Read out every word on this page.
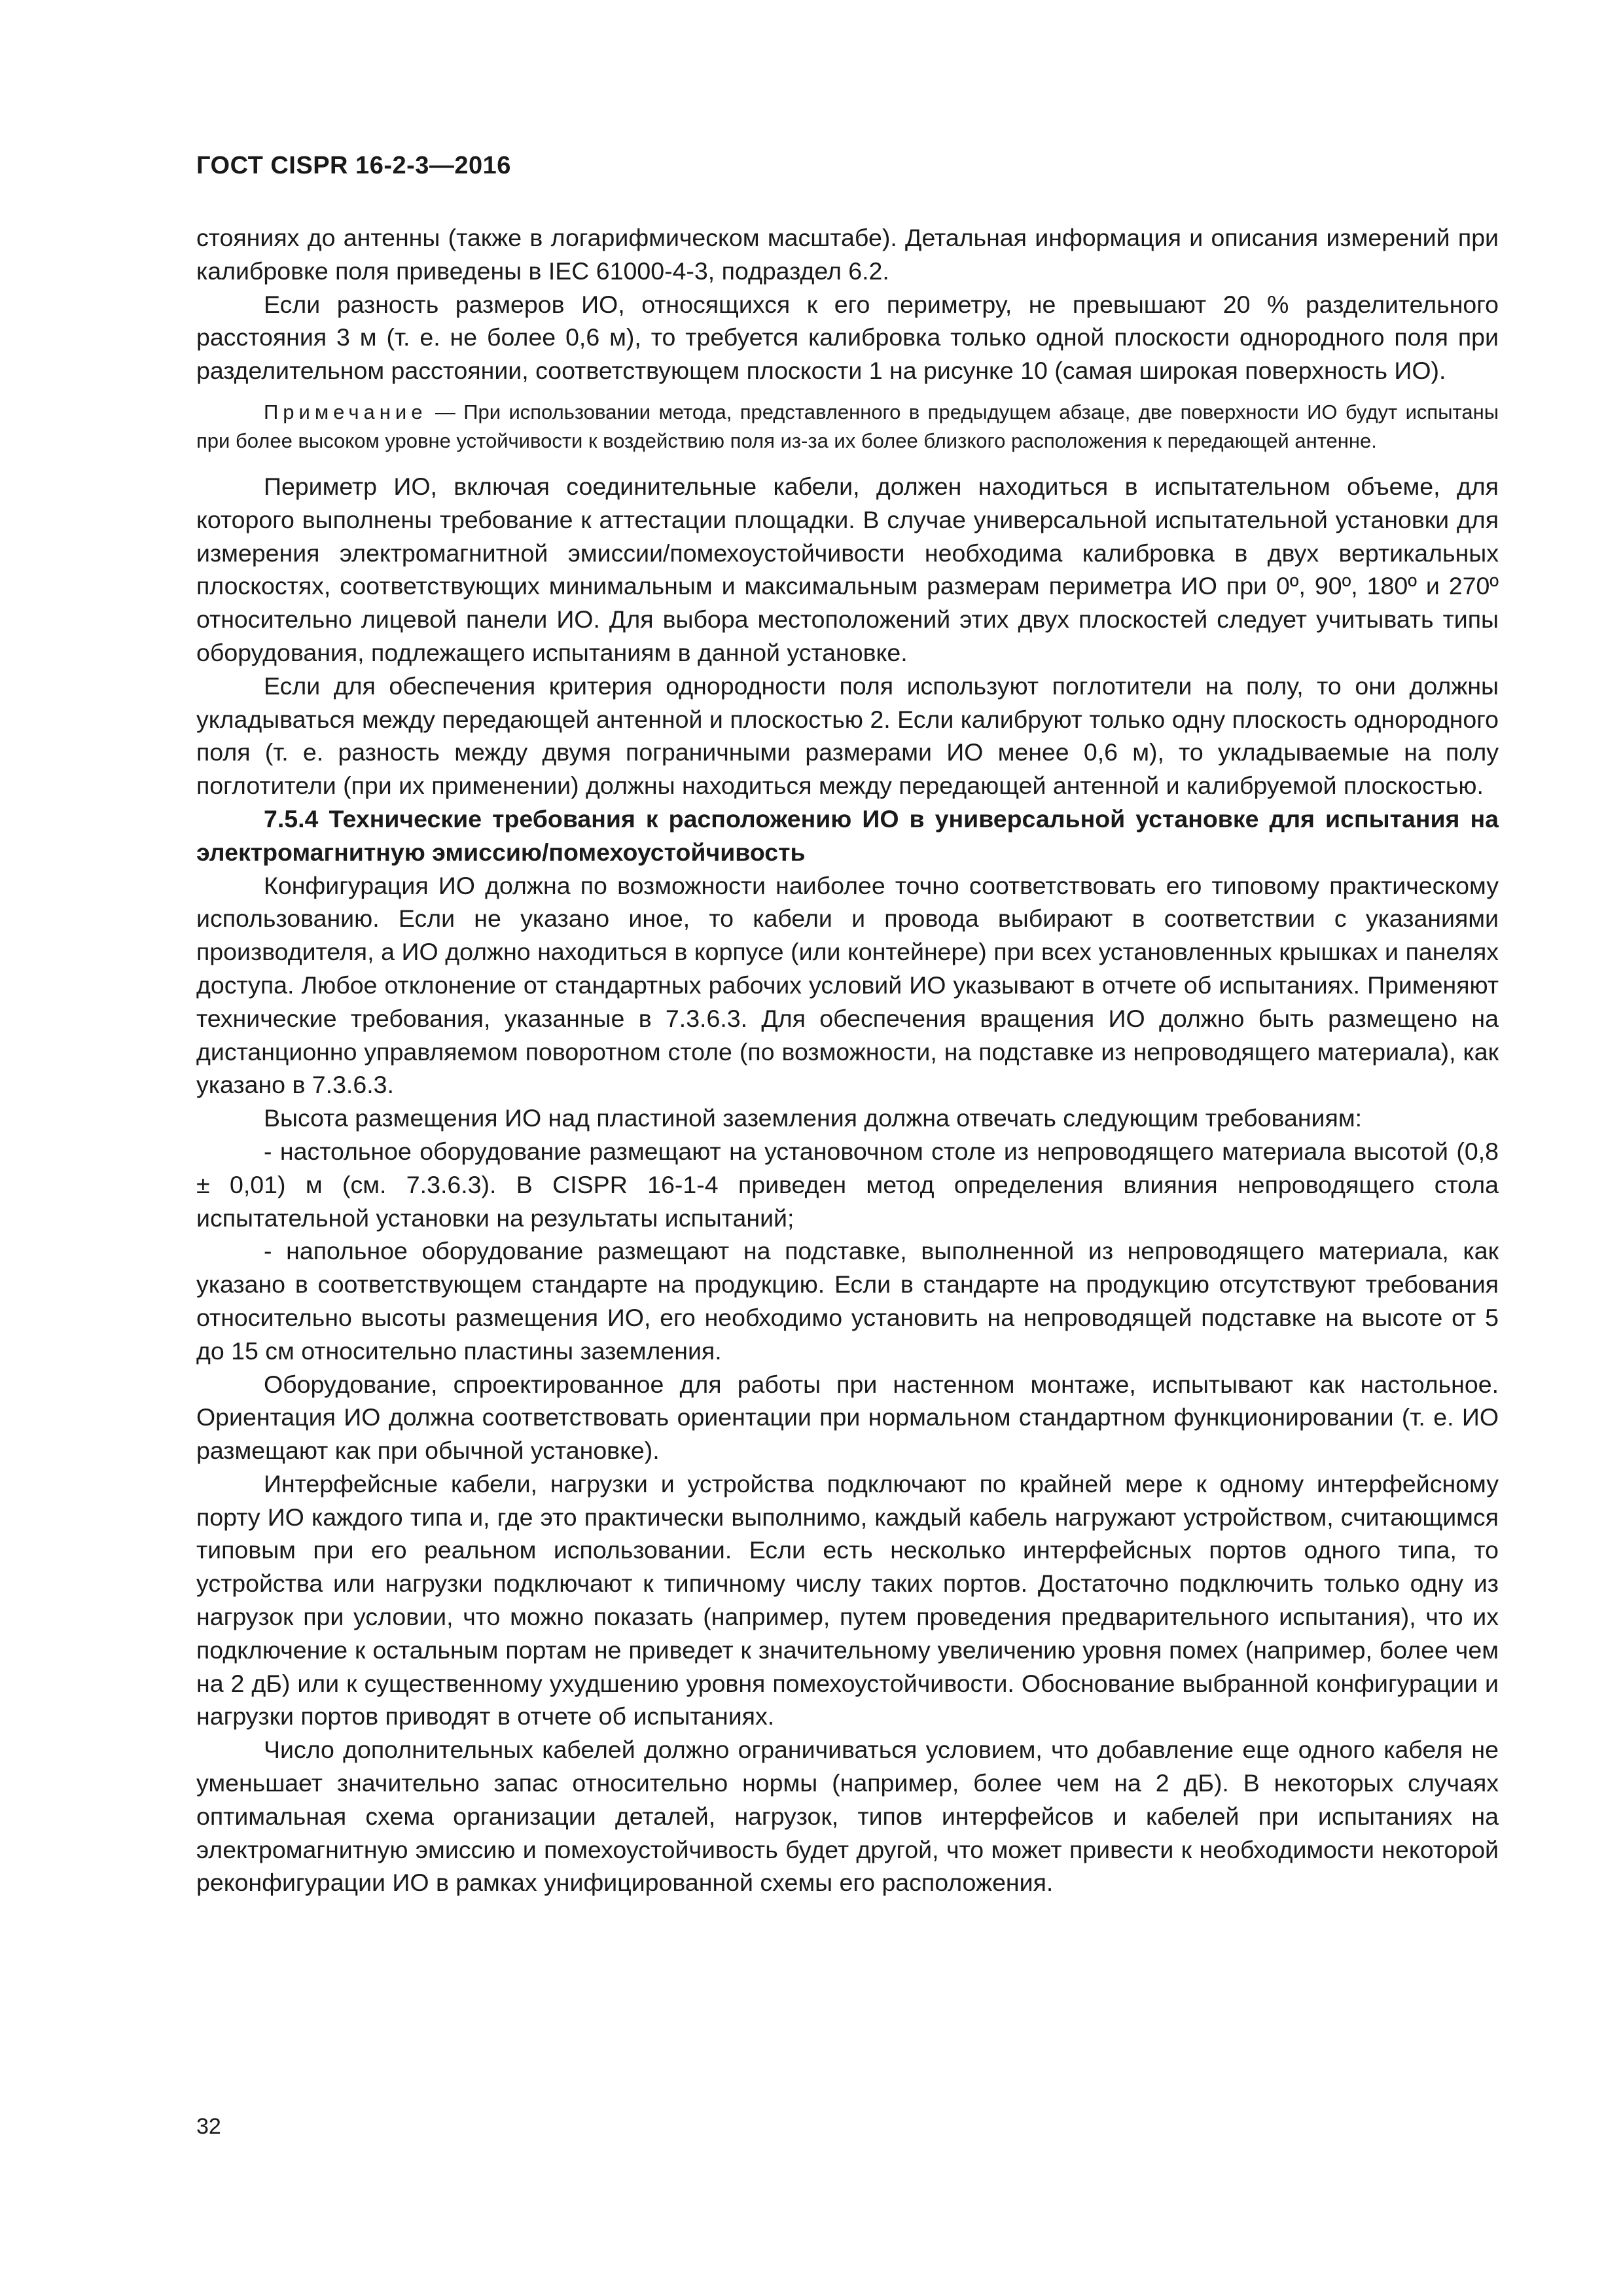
ГОСТ CISPR 16-2-3—2016

стояниях до антенны (также в логарифмическом масштабе). Детальная информация и описания измерений при калибровке поля приведены в IEC 61000-4-3, подраздел 6.2.

Если разность размеров ИО, относящихся к его периметру, не превышают 20 % разделительного расстояния 3 м (т. е. не более 0,6 м), то требуется калибровка только одной плоскости однородного поля при разделительном расстоянии, соответствующем плоскости 1 на рисунке 10 (самая широкая поверхность ИО).

Примечание — При использовании метода, представленного в предыдущем абзаце, две поверхности ИО будут испытаны при более высоком уровне устойчивости к воздействию поля из-за их более близкого расположения к передающей антенне.

Периметр ИО, включая соединительные кабели, должен находиться в испытательном объеме, для которого выполнены требование к аттестации площадки. В случае универсальной испытательной установки для измерения электромагнитной эмиссии/помехоустойчивости необходима калибровка в двух вертикальных плоскостях, соответствующих минимальным и максимальным размерам периметра ИО при 0º, 90º, 180º и 270º относительно лицевой панели ИО. Для выбора местоположений этих двух плоскостей следует учитывать типы оборудования, подлежащего испытаниям в данной установке.

Если для обеспечения критерия однородности поля используют поглотители на полу, то они должны укладываться между передающей антенной и плоскостью 2. Если калибруют только одну плоскость однородного поля (т. е. разность между двумя пограничными размерами ИО менее 0,6 м), то укладываемые на полу поглотители (при их применении) должны находиться между передающей антенной и калибруемой плоскостью.

7.5.4 Технические требования к расположению ИО в универсальной установке для испытания на электромагнитную эмиссию/помехоустойчивость

Конфигурация ИО должна по возможности наиболее точно соответствовать его типовому практическому использованию. Если не указано иное, то кабели и провода выбирают в соответствии с указаниями производителя, а ИО должно находиться в корпусе (или контейнере) при всех установленных крышках и панелях доступа. Любое отклонение от стандартных рабочих условий ИО указывают в отчете об испытаниях. Применяют технические требования, указанные в 7.3.6.3. Для обеспечения вращения ИО должно быть размещено на дистанционно управляемом поворотном столе (по возможности, на подставке из непроводящего материала), как указано в 7.3.6.3.

Высота размещения ИО над пластиной заземления должна отвечать следующим требованиям:

- настольное оборудование размещают на установочном столе из непроводящего материала высотой (0,8 ± 0,01) м (см. 7.3.6.3). В CISPR 16-1-4 приведен метод определения влияния непроводящего стола испытательной установки на результаты испытаний;

- напольное оборудование размещают на подставке, выполненной из непроводящего материала, как указано в соответствующем стандарте на продукцию. Если в стандарте на продукцию отсутствуют требования относительно высоты размещения ИО, его необходимо установить на непроводящей подставке на высоте от 5 до 15 см относительно пластины заземления.

Оборудование, спроектированное для работы при настенном монтаже, испытывают как настольное. Ориентация ИО должна соответствовать ориентации при нормальном стандартном функционировании (т. е. ИО размещают как при обычной установке).

Интерфейсные кабели, нагрузки и устройства подключают по крайней мере к одному интерфейсному порту ИО каждого типа и, где это практически выполнимо, каждый кабель нагружают устройством, считающимся типовым при его реальном использовании. Если есть несколько интерфейсных портов одного типа, то устройства или нагрузки подключают к типичному числу таких портов. Достаточно подключить только одну из нагрузок при условии, что можно показать (например, путем проведения предварительного испытания), что их подключение к остальным портам не приведет к значительному увеличению уровня помех (например, более чем на 2 дБ) или к существенному ухудшению уровня помехоустойчивости. Обоснование выбранной конфигурации и нагрузки портов приводят в отчете об испытаниях.

Число дополнительных кабелей должно ограничиваться условием, что добавление еще одного кабеля не уменьшает значительно запас относительно нормы (например, более чем на 2 дБ). В некоторых случаях оптимальная схема организации деталей, нагрузок, типов интерфейсов и кабелей при испытаниях на электромагнитную эмиссию и помехоустойчивость будет другой, что может привести к необходимости некоторой реконфигурации ИО в рамках унифицированной схемы его расположения.

32
